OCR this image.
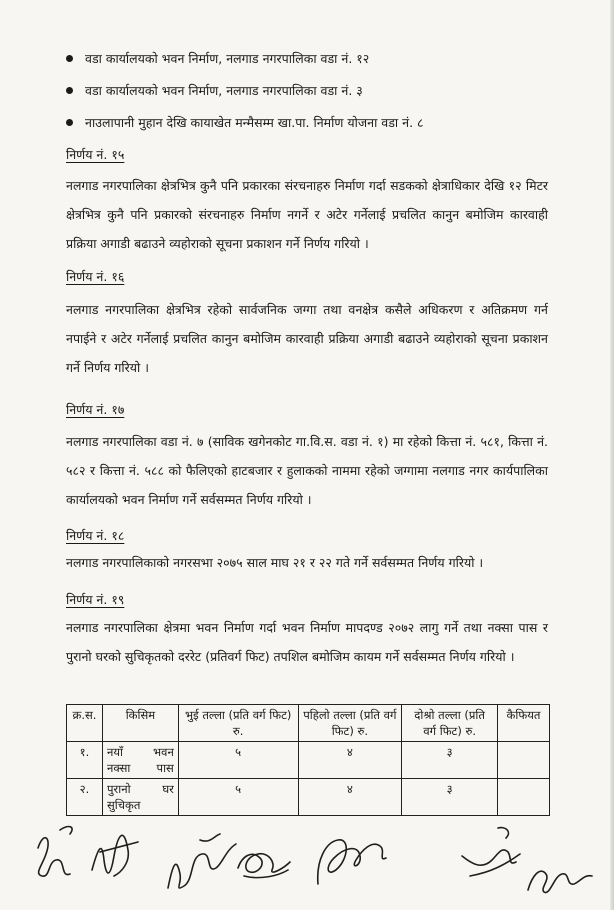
वडा कार्यालयको भवन निर्माण, नलगाड नगरपालिका वडा नं. १२
वडा कार्यालयको भवन निर्माण, नलगाड नगरपालिका वडा नं. ३
नाउलापानी मुहान देखि कायाखेत मन्मैसम्म खा.पा. निर्माण योजना वडा नं. ८
निर्णय नं. १५
नलगाड नगरपालिका क्षेत्रभित्र कुनै पनि प्रकारका संरचनाहरु निर्माण गर्दा सडकको क्षेत्राधिकार देखि १२ मिटर क्षेत्रभित्र कुनै पनि प्रकारको संरचनाहरु निर्माण नगर्ने र अटेर गर्नेलाई प्रचलित कानुन बमोजिम कारवाही प्रक्रिया अगाडी बढाउने व्यहोराको सूचना प्रकाशन गर्ने निर्णय गरियो ।
निर्णय नं. १६
नलगाड नगरपालिका क्षेत्रभित्र रहेको सार्वजनिक जग्गा तथा वनक्षेत्र कसैले अधिकरण र अतिक्रमण गर्न नपाईने र अटेर गर्नेलाई प्रचलित कानुन बमोजिम कारवाही प्रक्रिया अगाडी बढाउने व्यहोराको सूचना प्रकाशन गर्ने निर्णय गरियो ।
निर्णय नं. १७
नलगाड नगरपालिका वडा नं. ७ (साविक खगेनकोट गा.वि.स. वडा नं. १) मा रहेको कित्ता नं. ५८१, कित्ता नं. ५८२ र कित्ता नं. ५८८ को फैलिएको हाटबजार र हुलाकको नाममा रहेको जग्गामा नलगाड नगर कार्यपालिका कार्यालयको भवन निर्माण गर्ने सर्वसम्मत निर्णय गरियो ।
निर्णय नं. १८
नलगाड नगरपालिकाको नगरसभा २०७५ साल माघ २१ र २२ गते गर्ने सर्वसम्मत निर्णय गरियो ।
निर्णय नं. १९
नलगाड नगरपालिका क्षेत्रमा भवन निर्माण गर्दा भवन निर्माण मापदण्ड २०७२ लागु गर्ने तथा नक्सा पास र पुरानो घरको सुचिकृतको दररेट (प्रतिवर्ग फिट) तपशिल बमोजिम कायम गर्ने सर्वसम्मत निर्णय गरियो ।
क्र.स.	किसिम	भुई तल्ला (प्रति वर्ग फिट) रु.	पहिलो तल्ला (प्रति वर्ग फिट) रु.	दोश्रो तल्ला (प्रति वर्ग फिट) रु.	कैफियत
१.	नयाँ भवन नक्सा पास	५	४	३	
२.	पुरानो घर सुचिकृत	५	४	३	
